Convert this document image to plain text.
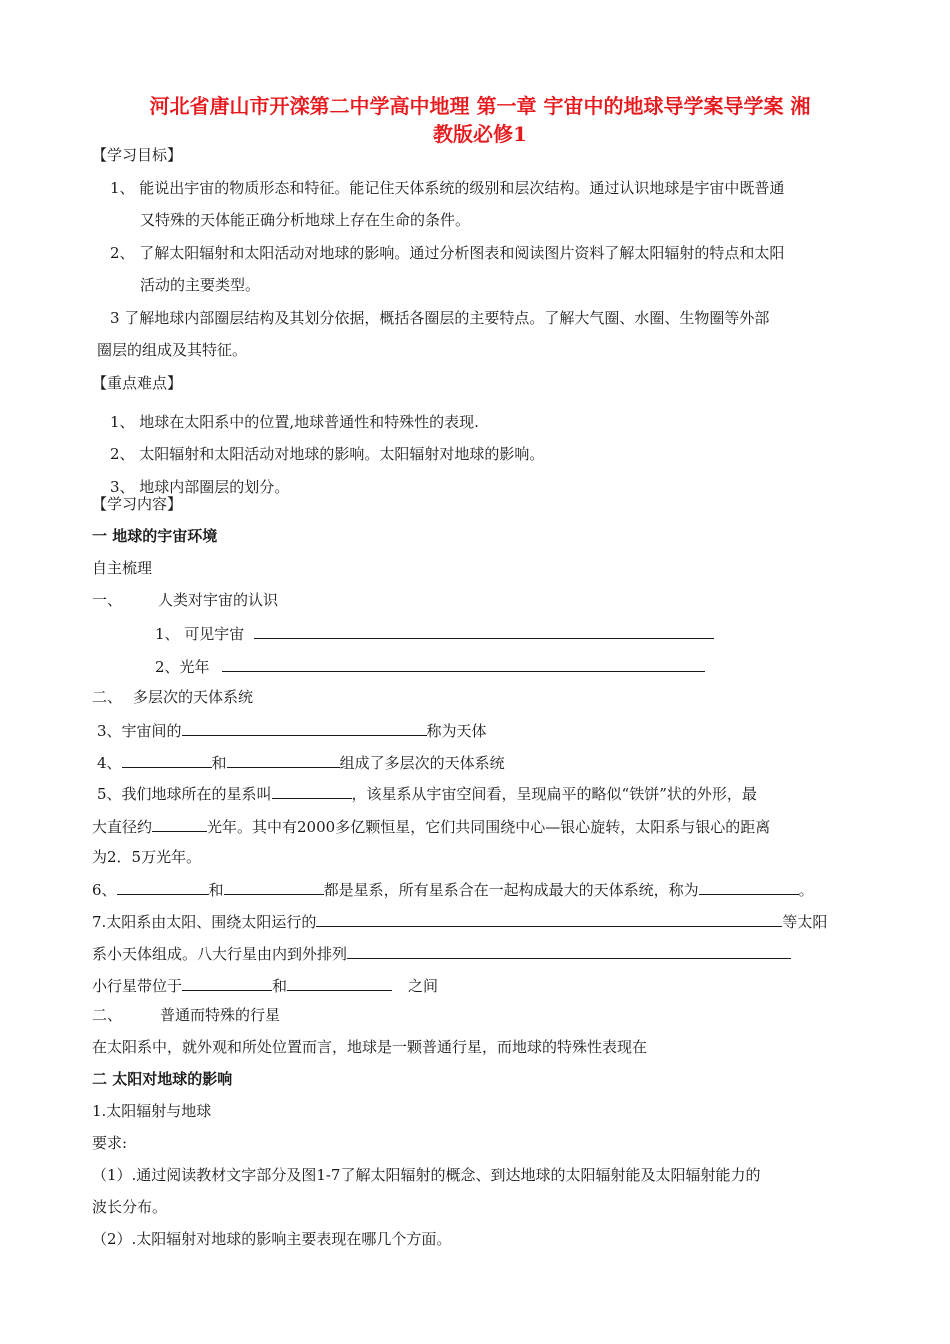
河北省唐山市开滦第二中学高中地理 第一章 宇宙中的地球导学案导学案 湘
教版必修1
【学习目标】
1、 能说出宇宙的物质形态和特征。能记住天体系统的级别和层次结构。通过认识地球是宇宙中既普通
又特殊的天体能正确分析地球上存在生命的条件。
2、 了解太阳辐射和太阳活动对地球的影响。通过分析图表和阅读图片资料了解太阳辐射的特点和太阳
活动的主要类型。
3 了解地球内部圈层结构及其划分依据，概括各圈层的主要特点。了解大气圈、水圈、生物圈等外部
圈层的组成及其特征。
【重点难点】
1、 地球在太阳系中的位置,地球普通性和特殊性的表现.
2、 太阳辐射和太阳活动对地球的影响。太阳辐射对地球的影响。
3、 地球内部圈层的划分。
【学习内容】
一 地球的宇宙环境
自主梳理
一、 人类对宇宙的认识
1、 可见宇宙
2、光年
二、 多层次的天体系统
3、宇宙间的	称为天体
4、	和	组成了多层次的天体系统
5、我们地球所在的星系叫	，该星系从宇宙空间看，呈现扁平的略似“铁饼”状的外形，最
大直径约	光年。其中有2000多亿颗恒星，它们共同围绕中心—银心旋转，太阳系与银心的距离
为2．5万光年。
6、	和	都是星系，所有星系合在一起构成最大的天体系统，称为	。
7.太阳系由太阳、围绕太阳运行的	等太阳
系小天体组成。八大行星由内到外排列
小行星带位于	和	之间
二、	普通而特殊的行星
在太阳系中，就外观和所处位置而言，地球是一颗普通行星，而地球的特殊性表现在
二 太阳对地球的影响
1.太阳辐射与地球
要求:
（1）.通过阅读教材文字部分及图1-7了解太阳辐射的概念、到达地球的太阳辐射能及太阳辐射能力的
波长分布。
（2）.太阳辐射对地球的影响主要表现在哪几个方面。
